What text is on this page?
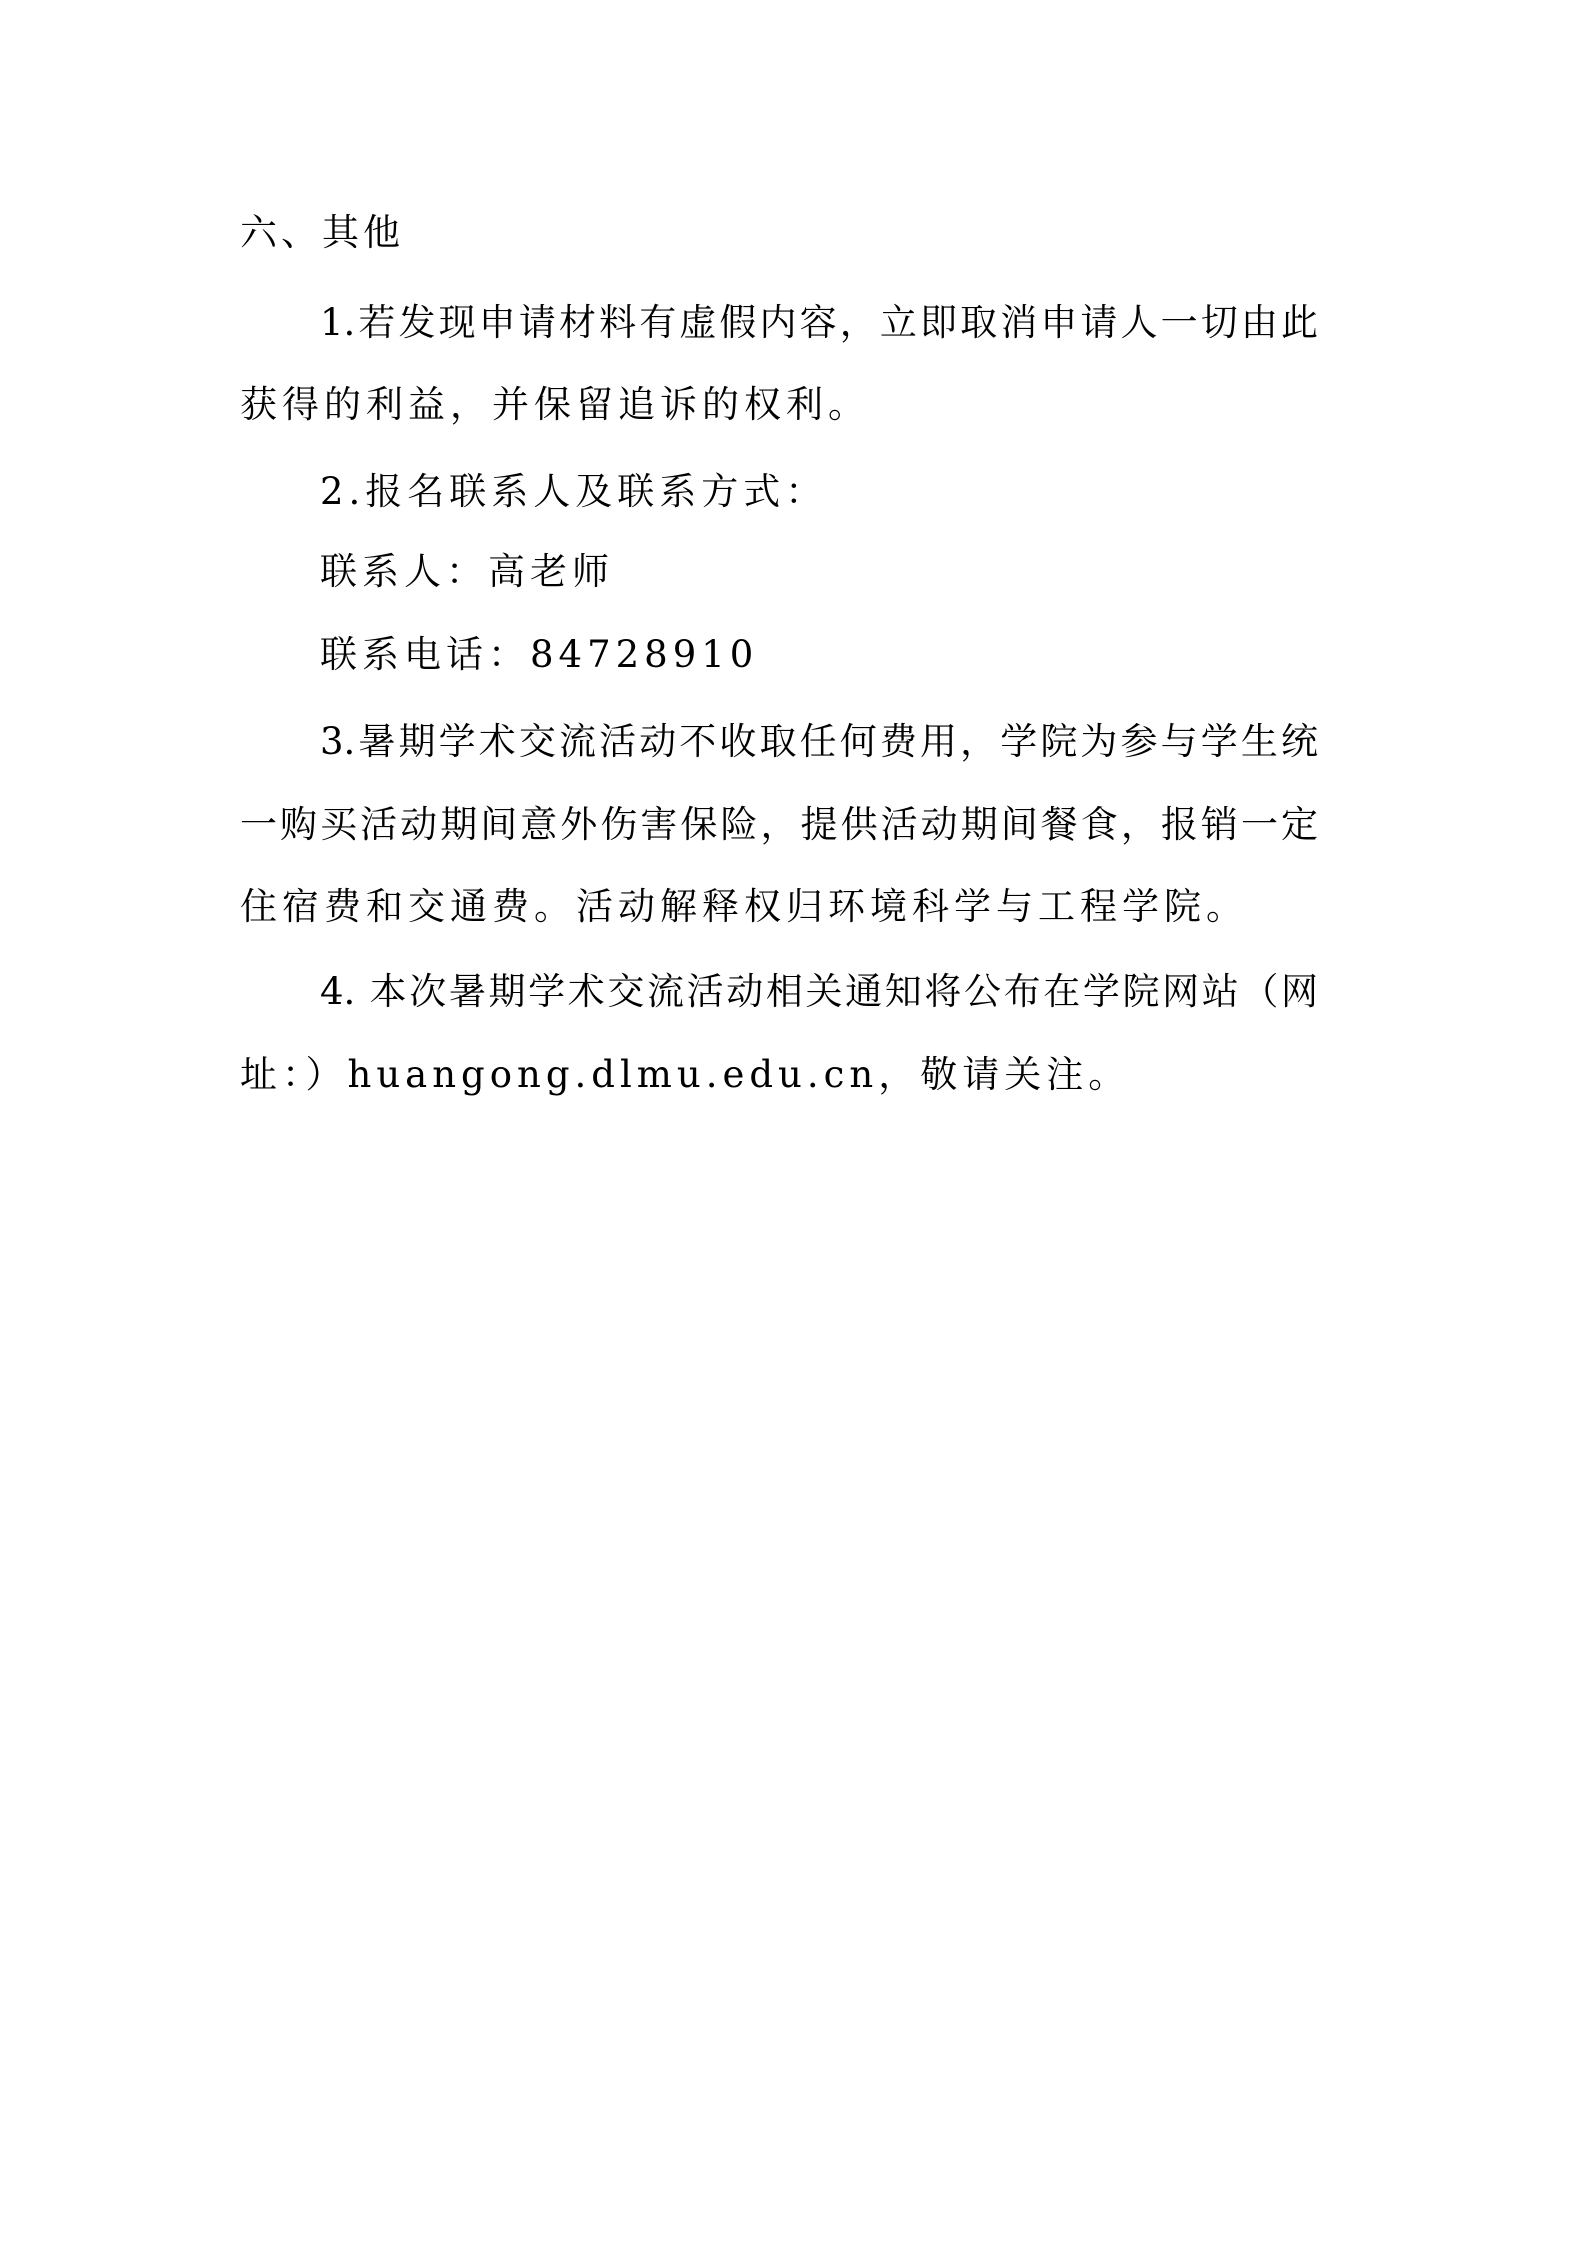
六、其他

1.若发现申请材料有虚假内容，立即取消申请人一切由此

获得的利益，并保留追诉的权利。

2.报名联系人及联系方式：

联系人：高老师

联系电话：84728910

3.暑期学术交流活动不收取任何费用，学院为参与学生统

一购买活动期间意外伤害保险，提供活动期间餐食，报销一定

住宿费和交通费。活动解释权归环境科学与工程学院。

4. 本次暑期学术交流活动相关通知将公布在学院网站（网

址：）huangong.dlmu.edu.cn，敬请关注。
